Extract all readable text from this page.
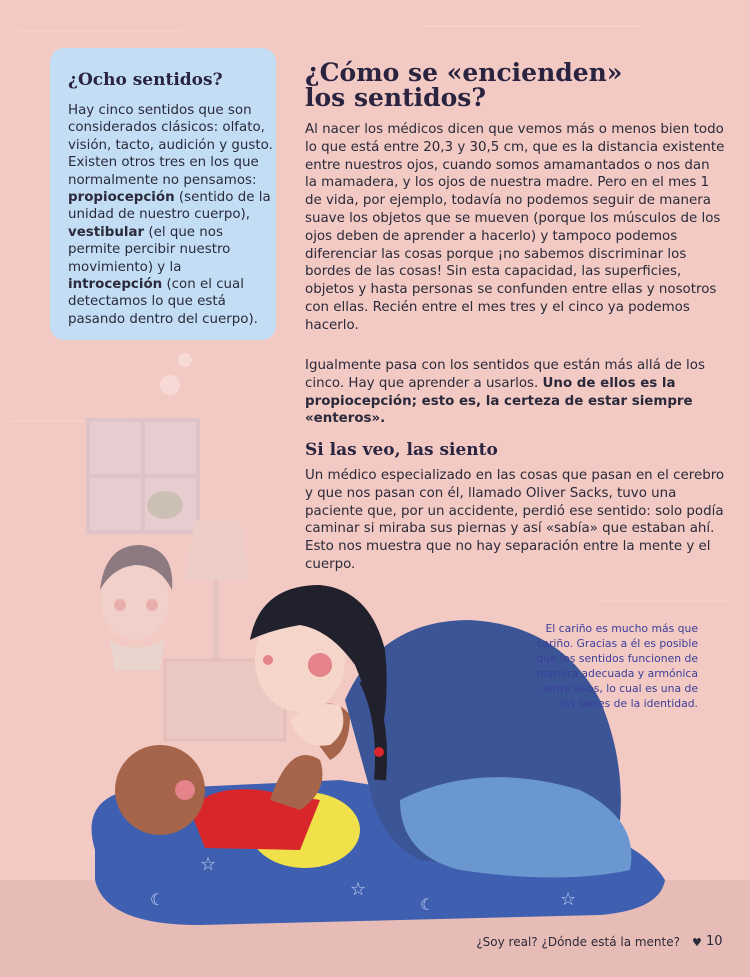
☆
☆	☆
☾	☾
¿Ocho sentidos?
Hay cinco sentidos que son considerados clásicos: olfato, visión, tacto, audición y gusto. Existen otros tres en los que normalmente no pensamos: propiocepción (sentido de la unidad de nuestro cuerpo), vestibular (el que nos permite percibir nuestro movimiento) y la introcepción (con el cual detectamos lo que está pasando dentro del cuerpo).
¿Cómo se «encienden»
los sentidos?
Al nacer los médicos dicen que vemos más o menos bien todo lo que está entre 20,3 y 30,5 cm, que es la distancia existente entre nuestros ojos, cuando somos amamantados o nos dan la mamadera, y los ojos de nuestra madre. Pero en el mes 1 de vida, por ejemplo, todavía no podemos seguir de manera suave los objetos que se mueven (porque los músculos de los ojos deben de aprender a hacerlo) y tampoco podemos diferenciar las cosas porque ¡no sabemos discriminar los bordes de las cosas! Sin esta capacidad, las superficies, objetos y hasta personas se confunden entre ellas y nosotros con ellas. Recién entre el mes tres y el cinco ya podemos hacerlo.
Igualmente pasa con los sentidos que están más allá de los cinco. Hay que aprender a usarlos. Uno de ellos es la propiocepción; esto es, la certeza de estar siempre «enteros».
Si las veo, las siento
Un médico especializado en las cosas que pasan en el cerebro y que nos pasan con él, llamado Oliver Sacks, tuvo una paciente que, por un accidente, perdió ese sentido: solo podía caminar si miraba sus piernas y así «sabía» que estaban ahí. Esto nos muestra que no hay separación entre la mente y el cuerpo.
El cariño es mucho más que cariño. Gracias a él es posible que los sentidos funcionen de manera adecuada y armónica entre ellos, lo cual es una de las bases de la identidad.
¿Soy real? ¿Dónde está la mente? ♥ 10
